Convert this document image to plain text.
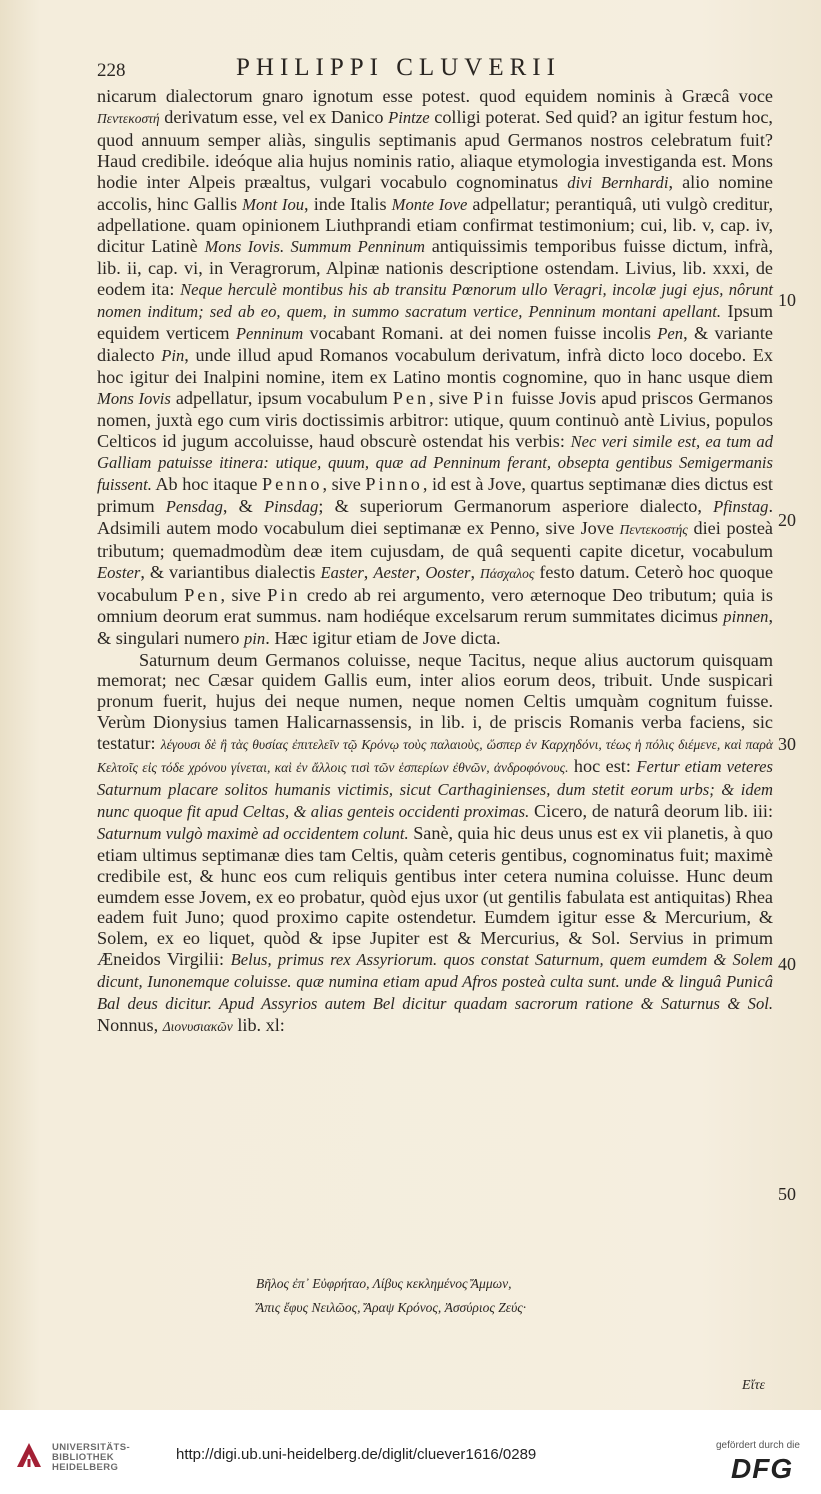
228	PHILIPPI CLUVERII

nicarum dialectorum gnaro ignotum esse potest. quod equidem nominis à Græcâ voce Πεντεκοστή derivatum esse, vel ex Danico Pintze colligi poterat. Sed quid? an igitur festum hoc, quod annuum semper aliàs, singulis septimanis apud Germanos nostros celebratum fuit? Haud credibile. ideóque alia hujus nominis ratio, aliaque etymologia investiganda est. Mons hodie inter Alpeis præaltus, vulgari vocabulo cognominatus divi Bernhardi, alio nomine accolis, hinc Gallis Mont Iou, inde Italis Monte Iove adpellatur; perantiquâ, uti vulgò creditur, adpellatione. quam opinionem Liuthprandi etiam confirmat testimonium; cui, lib. v, cap. iv, dicitur Latinè Mons Iovis. Summum Penninum antiquissimis temporibus fuisse dictum, infrà, lib. ii, cap. vi, in Veragrorum, Alpinæ nationis descriptione ostendam. Livius, lib. xxxi, de eodem ita: Neque herculè montibus his ab transitu Pœnorum ullo Veragri, incolæ jugi ejus, nôrunt nomen inditum; sed ab eo, quem, in summo sacratum vertice, Penninum montani apellant. Ipsum equidem verticem Penninum vocabant Romani. at dei nomen fuisse incolis Pen, & variante dialecto Pin, unde illud apud Romanos vocabulum derivatum, infrà dicto loco docebo. Ex hoc igitur dei Inalpini nomine, item ex Latino montis cognomine, quo in hanc usque diem Mons Iovis adpellatur, ipsum vocabulum Pen, sive Pin fuisse Jovis apud priscos Germanos nomen, juxtà ego cum viris doctissimis arbitror: utique, quum continuò antè Livius, populos Celticos id jugum accoluisse, haud obscurè ostendat his verbis: Nec veri simile est, ea tum ad Galliam patuisse itinera: utique, quum, quæ ad Penninum ferant, obsepta gentibus Semigermanis fuissent. Ab hoc itaque Penno, sive Pinno, id est à Jove, quartus septimanæ dies dictus est primum Pensdag, & Pinsdag; & superiorum Germanorum asperiore dialecto, Pfinstag. Adsimili autem modo vocabulum diei septimanæ ex Penno, sive Jove Πεντεκοστής diei posteà tributum; quemadmodùm deæ item cujusdam, de quâ sequenti capite dicetur, vocabulum Eoster, & variantibus dialectis Easter, Aester, Ooster, Πάσχαλος festo datum. Ceterò hoc quoque vocabulum Pen, sive Pin credo ab rei argumento, vero æternoque Deo tributum; quia is omnium deorum erat summus. nam hodiéque excelsarum rerum summitates dicimus pinnen, & singulari numero pin. Hæc igitur etiam de Jove dicta.

Saturnum deum Germanos coluisse, neque Tacitus, neque alius auctorum quisquam memorat; nec Cæsar quidem Gallis eum, inter alios eorum deos, tribuit. Unde suspicari pronum fuerit, hujus dei neque numen, neque nomen Celtis umquàm cognitum fuisse. Verùm Dionysius tamen Halicarnassensis, in lib. i, de priscis Romanis verba faciens, sic testatur: λέγουσι δὲ ἢ τὰς θυσίας ἐπιτελεῖν τῷ Κρόνῳ τοὺς παλαιοὺς, ὥσπερ ἐν Καρχηδόνι, τέως ἡ πόλις διέμενε, καὶ παρὰ Κελτοῖς εἰς τόδε χρόνου γίνεται, καὶ ἐν ἄλλοις τισὶ τῶν ἑσπερίων ἐθνῶν, ἀνδροφόνους. hoc est: Fertur etiam veteres Saturnum placare solitos humanis victimis, sicut Carthaginienses, dum stetit eorum urbs; & idem nunc quoque fit apud Celtas, & alias genteis occidenti proximas. Cicero, de naturâ deorum lib. iii: Saturnum vulgò maximè ad occidentem colunt. Sanè, quia hic deus unus est ex vii planetis, à quo etiam ultimus septimanæ dies tam Celtis, quàm ceteris gentibus, cognominatus fuit; maximè credibile est, & hunc eos cum reliquis gentibus inter cetera numina coluisse. Hunc deum eumdem esse Jovem, ex eo probatur, quòd ejus uxor (ut gentilis fabulata est antiquitas) Rhea eadem fuit Juno; quod proximo capite ostendetur. Eumdem igitur esse & Mercurium, & Solem, ex eo liquet, quòd & ipse Jupiter est & Mercurius, & Sol. Servius in primum Æneidos Virgilii: Belus, primus rex Assyriorum. quos constat Saturnum, quem eumdem & Solem dicunt, Iunonemque coluisse. quæ numina etiam apud Afros posteà culta sunt. unde & linguâ Punicâ Bal deus dicitur. Apud Assyrios autem Bel dicitur quadam sacrorum ratione & Saturnus & Sol. Nonnus, Διονυσιακῶν lib. xl:

Βῆλος ἐπ᾽ Εὐφρήταο, Λίβυς κεκλημένος Ἄμμων,
Ἄπις ἔφυς Νειλῶος, Ἄραψ Κρόνος, Ἀσσύριος Ζεύς·
10
20
30
40
50
Εἴτε
UNIVERSITÄTS-
BIBLIOTHEK
HEIDELBERG
http://digi.ub.uni-heidelberg.de/diglit/cluever1616/0289
gefördert durch die
DFG
